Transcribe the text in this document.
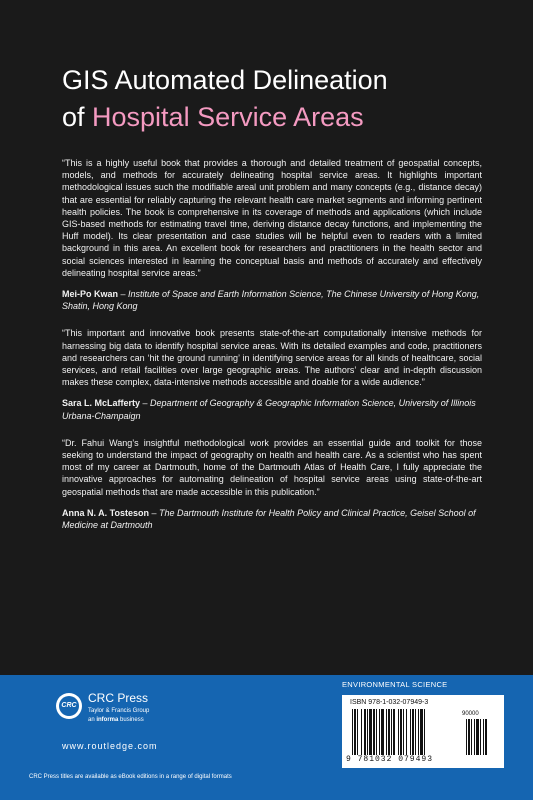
GIS Automated Delineation
of Hospital Service Areas

“This is a highly useful book that provides a thorough and detailed treatment of geospatial concepts, models, and methods for accurately delineating hospital service areas. It highlights important methodological issues such the modifiable areal unit problem and many concepts (e.g., distance decay) that are essential for reliably capturing the relevant health care market segments and informing pertinent health policies. The book is comprehensive in its coverage of methods and applications (which include GIS-based methods for estimating travel time, deriving distance decay functions, and implementing the Huff model). Its clear presentation and case studies will be helpful even to readers with a limited background in this area. An excellent book for researchers and practitioners in the health sector and social sciences interested in learning the conceptual basis and methods of accurately and effectively delineating hospital service areas.”

Mei-Po Kwan – Institute of Space and Earth Information Science, The Chinese University of Hong Kong, Shatin, Hong Kong

“This important and innovative book presents state-of-the-art computationally intensive methods for harnessing big data to identify hospital service areas. With its detailed examples and code, practitioners and researchers can ‘hit the ground running’ in identifying service areas for all kinds of healthcare, social services, and retail facilities over large geographic areas. The authors’ clear and in-depth discussion makes these complex, data-intensive methods accessible and doable for a wide audience.”

Sara L. McLafferty – Department of Geography & Geographic Information Science, University of Illinois Urbana-Champaign

“Dr. Fahui Wang’s insightful methodological work provides an essential guide and toolkit for those seeking to understand the impact of geography on health and health care. As a scientist who has spent most of my career at Dartmouth, home of the Dartmouth Atlas of Health Care, I fully appreciate the innovative approaches for automating delineation of hospital service areas using state-of-the-art geospatial methods that are made accessible in this publication.”

Anna N. A. Tosteson – The Dartmouth Institute for Health Policy and Clinical Practice, Geisel School of Medicine at Dartmouth

CRC

CRC Press

Taylor & Francis Group
an informa business
www.routledge.com
CRC Press titles are available as eBook editions in a range of digital formats
ENVIRONMENTAL SCIENCE
ISBN 978-1-032-07949-3
90000
9 781032 079493
